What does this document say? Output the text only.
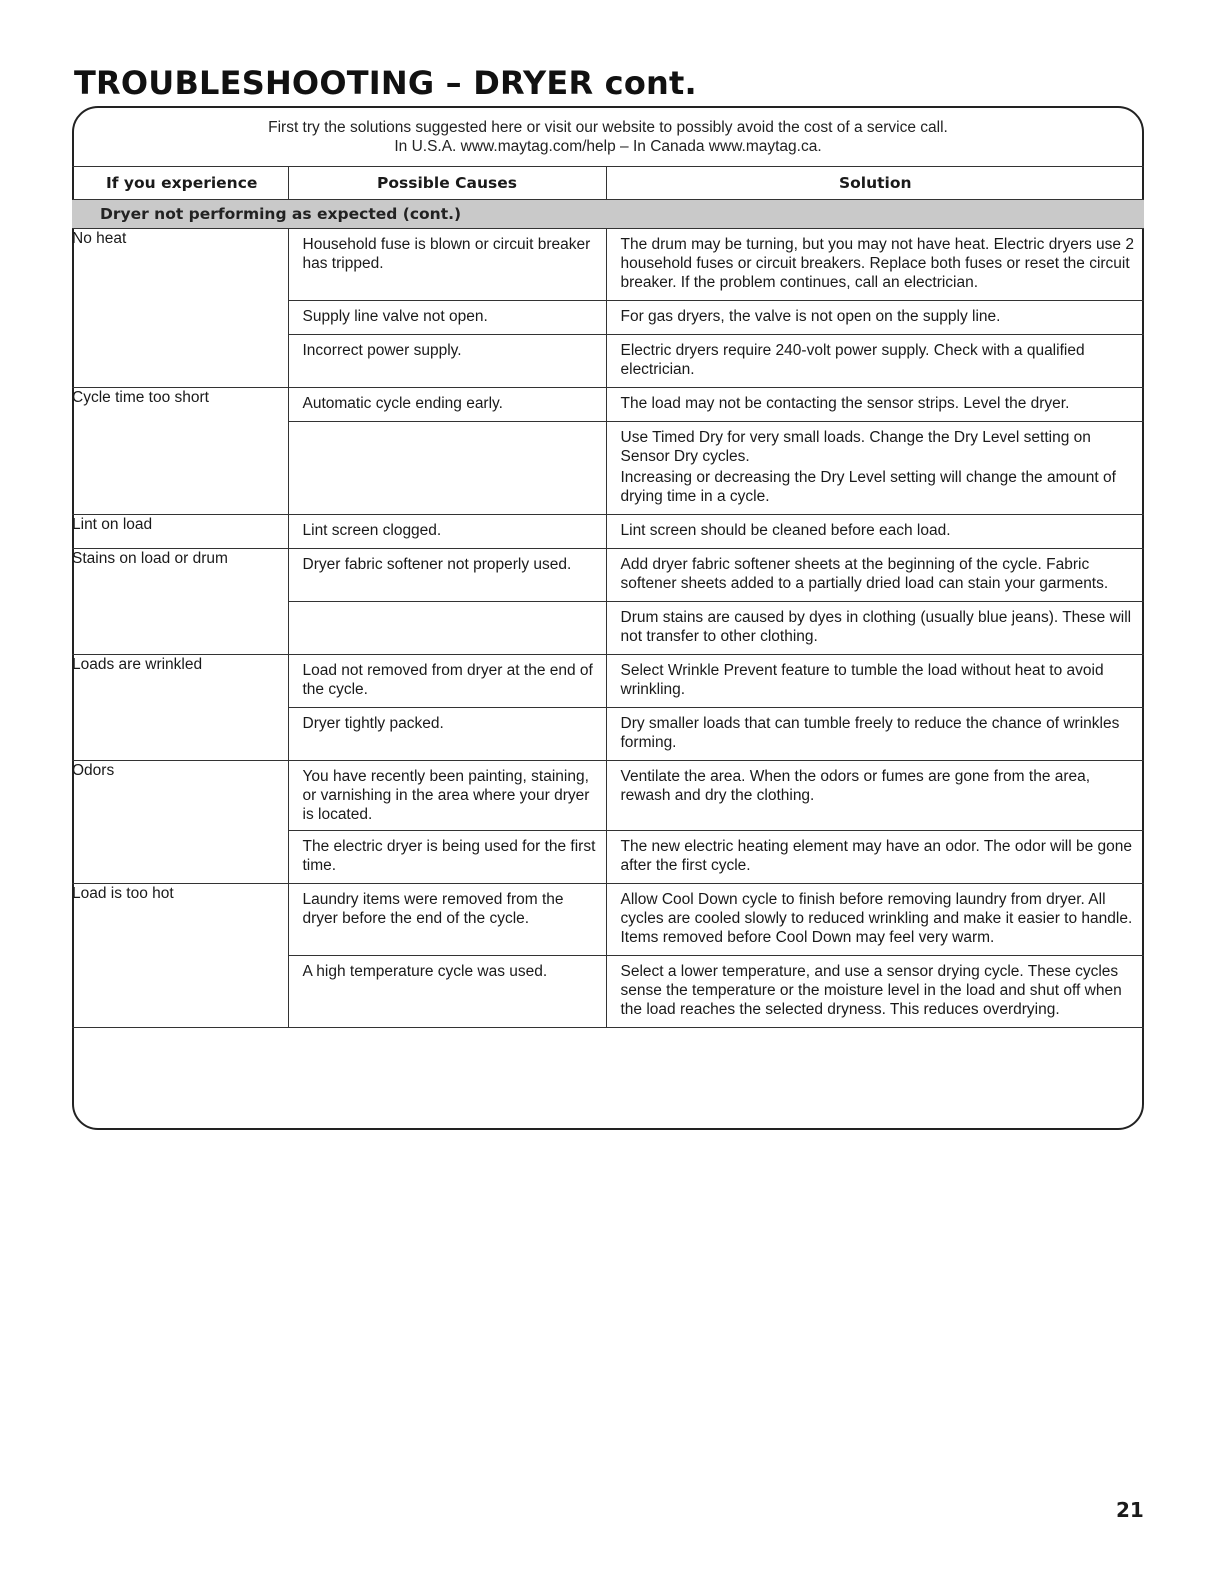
TROUBLESHOOTING – DRYER cont.
First try the solutions suggested here or visit our website to possibly avoid the cost of a service call.
In U.S.A. www.maytag.com/help – In Canada www.maytag.ca.
If you experience	Possible Causes	Solution
Dryer not performing as expected (cont.)		
No heat	Household fuse is blown or circuit breaker has tripped.	The drum may be turning, but you may not have heat. Electric dryers use 2 household fuses or circuit breakers. Replace both fuses or reset the circuit breaker. If the problem continues, call an electrician.

	Supply line valve not open.	For gas dryers, the valve is not open on the supply line.

	Incorrect power supply.	Electric dryers require 240-volt power supply. Check with a qualified electrician.

Cycle time too short	Automatic cycle ending early.	The load may not be contacting the sensor strips. Level the dryer.

		Use Timed Dry for very small loads. Change the Dry Level setting on Sensor Dry cycles.
Increasing or decreasing the Dry Level setting will change the amount of drying time in a cycle.

Lint on load	Lint screen clogged.	Lint screen should be cleaned before each load.

Stains on load or drum	Dryer fabric softener not properly used.	Add dryer fabric softener sheets at the beginning of the cycle. Fabric softener sheets added to a partially dried load can stain your garments.

		Drum stains are caused by dyes in clothing (usually blue jeans). These will not transfer to other clothing.

Loads are wrinkled	Load not removed from dryer at the end of the cycle.	Select Wrinkle Prevent feature to tumble the load without heat to avoid wrinkling.

	Dryer tightly packed.	Dry smaller loads that can tumble freely to reduce the chance of wrinkles forming.

Odors	You have recently been painting, staining, or varnishing in the area where your dryer is located.	Ventilate the area. When the odors or fumes are gone from the area, rewash and dry the clothing.

	The electric dryer is being used for the first time.	The new electric heating element may have an odor. The odor will be gone after the first cycle.

Load is too hot	Laundry items were removed from the dryer before the end of the cycle.	Allow Cool Down cycle to finish before removing laundry from dryer. All cycles are cooled slowly to reduced wrinkling and make it easier to handle. Items removed before Cool Down may feel very warm.

	A high temperature cycle was used.	Select a lower temperature, and use a sensor drying cycle. These cycles sense the temperature or the moisture level in the load and shut off when the load reaches the selected dryness. This reduces overdrying.
21
